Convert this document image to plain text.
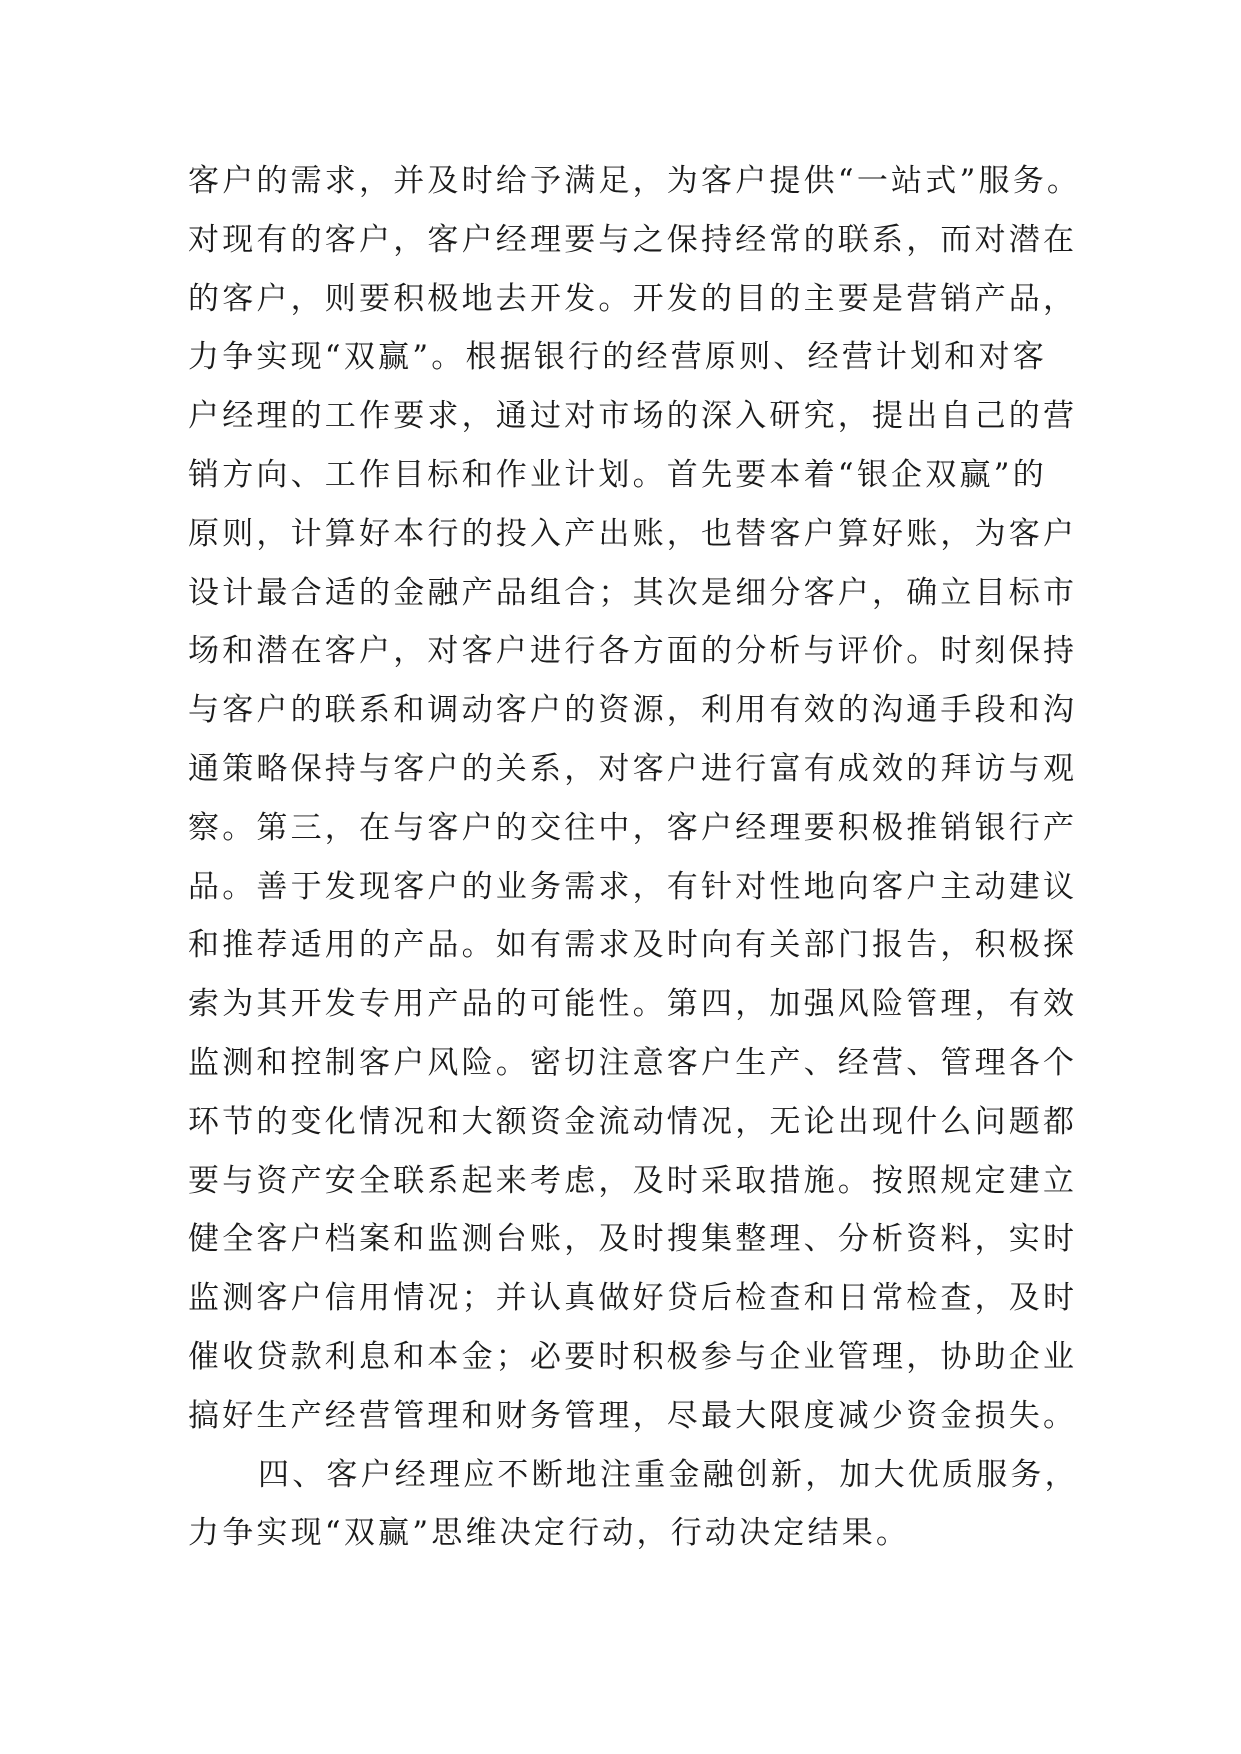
客户的需求，并及时给予满足，为客户提供“一站式”服务。
对现有的客户，客户经理要与之保持经常的联系，而对潜在
的客户，则要积极地去开发。开发的目的主要是营销产品，
力争实现“双赢”。根据银行的经营原则、经营计划和对客
户经理的工作要求，通过对市场的深入研究，提出自己的营
销方向、工作目标和作业计划。首先要本着“银企双赢”的
原则，计算好本行的投入产出账，也替客户算好账，为客户
设计最合适的金融产品组合；其次是细分客户，确立目标市
场和潜在客户，对客户进行各方面的分析与评价。时刻保持
与客户的联系和调动客户的资源，利用有效的沟通手段和沟
通策略保持与客户的关系，对客户进行富有成效的拜访与观
察。第三，在与客户的交往中，客户经理要积极推销银行产
品。善于发现客户的业务需求，有针对性地向客户主动建议
和推荐适用的产品。如有需求及时向有关部门报告，积极探
索为其开发专用产品的可能性。第四，加强风险管理，有效
监测和控制客户风险。密切注意客户生产、经营、管理各个
环节的变化情况和大额资金流动情况，无论出现什么问题都
要与资产安全联系起来考虑，及时采取措施。按照规定建立
健全客户档案和监测台账，及时搜集整理、分析资料，实时
监测客户信用情况；并认真做好贷后检查和日常检查，及时
催收贷款利息和本金；必要时积极参与企业管理，协助企业
搞好生产经营管理和财务管理，尽最大限度减少资金损失。
四、客户经理应不断地注重金融创新，加大优质服务，
力争实现“双赢”思维决定行动，行动决定结果。
